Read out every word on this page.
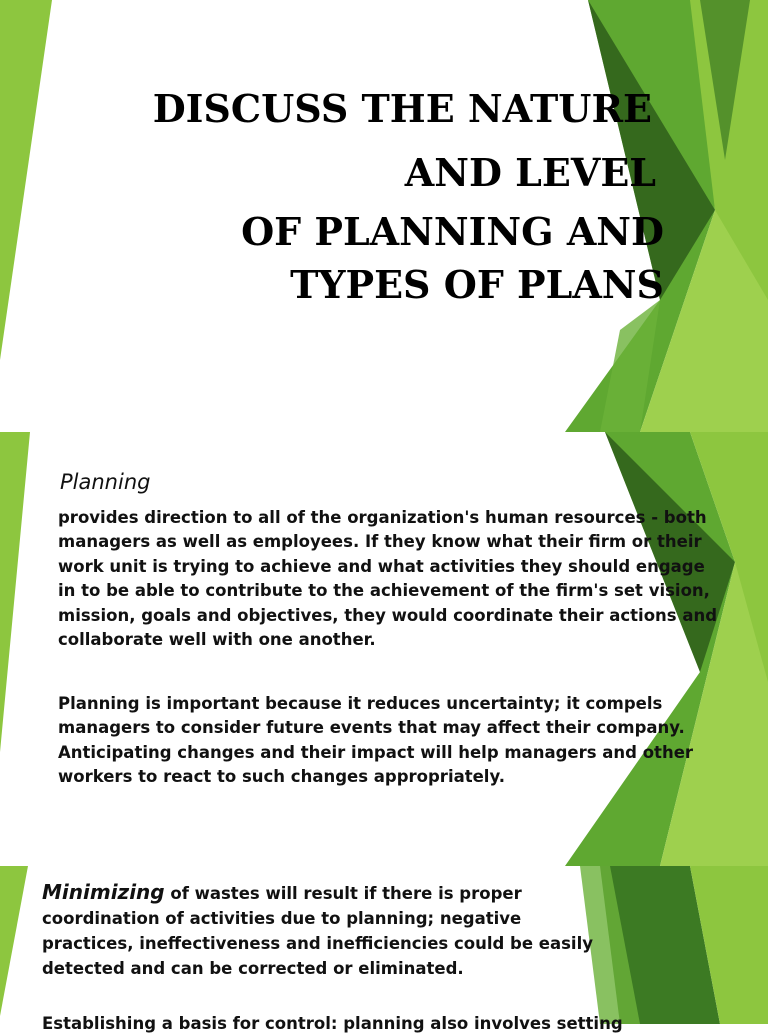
DISCUSS THE NATURE
AND LEVEL
OF PLANNING AND
TYPES OF PLANS
Planning
provides direction to all of the organization's human resources - both managers as well as employees. If they know what their firm or their work unit is trying to achieve and what activities they should engage in to be able to contribute to the achievement of the firm's set vision, mission, goals and objectives, they would coordinate their actions and collaborate well with one another.
Planning is important because it reduces uncertainty; it compels managers to consider future events that may affect their company. Anticipating changes and their impact will help managers and other workers to react to such changes appropriately.
Minimizing of wastes will result if there is proper coordination of activities due to planning; negative practices, ineffectiveness and inefficiencies could be easily detected and can be corrected or eliminated.
Establishing a basis for control: planning also involves setting
